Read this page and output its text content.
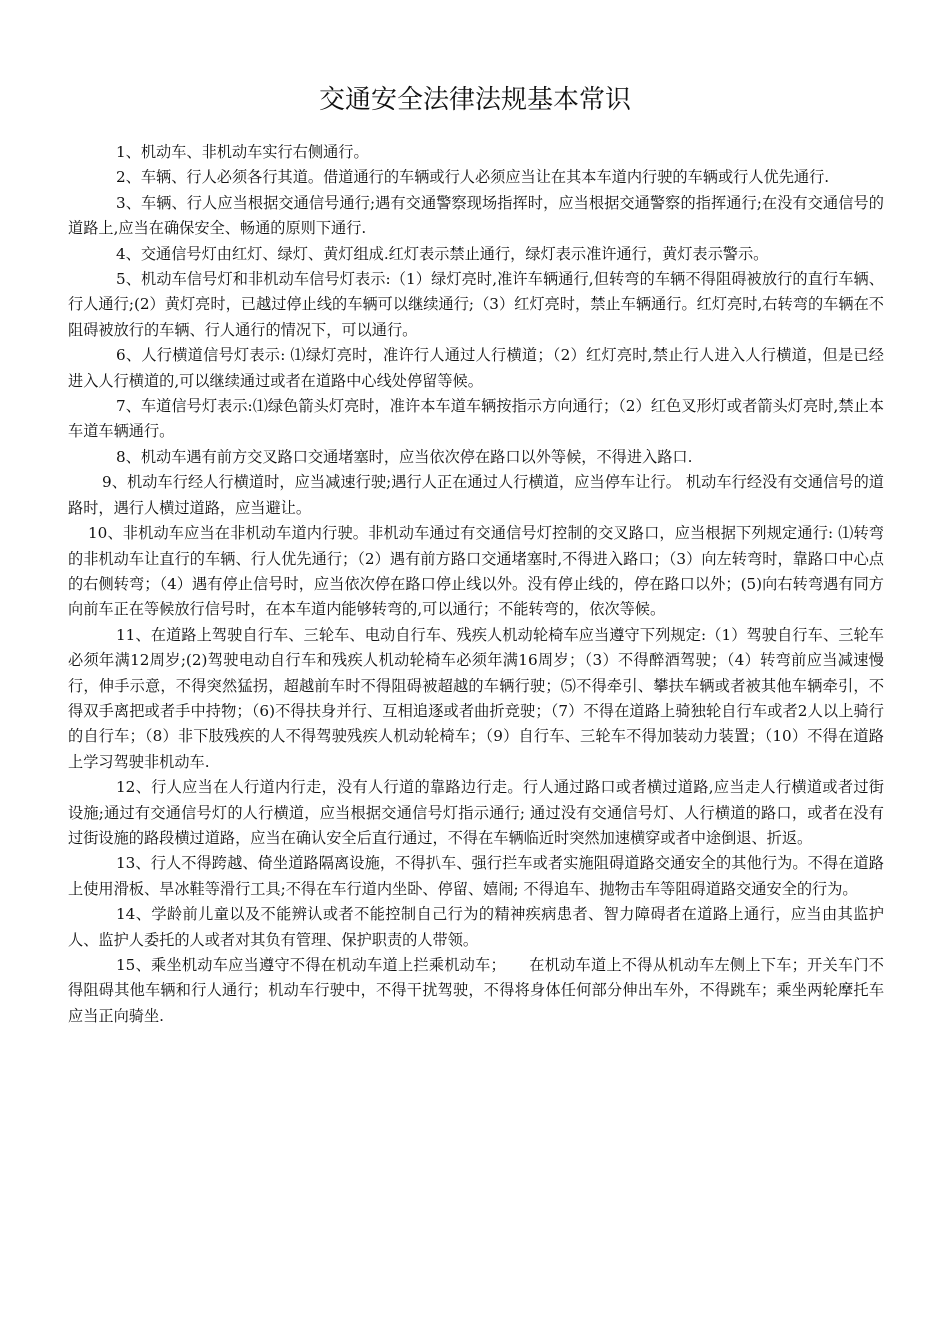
交通安全法律法规基本常识

1、机动车、非机动车实行右侧通行。

2、车辆、行人必须各行其道。借道通行的车辆或行人必须应当让在其本车道内行驶的车辆或行人优先通行.

3、车辆、行人应当根据交通信号通行;遇有交通警察现场指挥时，应当根据交通警察的指挥通行;在没有交通信号的道路上,应当在确保安全、畅通的原则下通行.

4、交通信号灯由红灯、绿灯、黄灯组成.红灯表示禁止通行，绿灯表示准许通行，黄灯表示警示。

5、机动车信号灯和非机动车信号灯表示:（1）绿灯亮时,准许车辆通行,但转弯的车辆不得阻碍被放行的直行车辆、行人通行;(2）黄灯亮时，已越过停止线的车辆可以继续通行;（3）红灯亮时，禁止车辆通行。红灯亮时,右转弯的车辆在不阻碍被放行的车辆、行人通行的情况下，可以通行。

6、人行横道信号灯表示: ⑴绿灯亮时，准许行人通过人行横道；（2）红灯亮时,禁止行人进入人行横道，但是已经进入人行横道的,可以继续通过或者在道路中心线处停留等候。

7、车道信号灯表示:⑴绿色箭头灯亮时，准许本车道车辆按指示方向通行；（2）红色叉形灯或者箭头灯亮时,禁止本车道车辆通行。

8、机动车遇有前方交叉路口交通堵塞时，应当依次停在路口以外等候，不得进入路口.

9、机动车行经人行横道时，应当减速行驶;遇行人正在通过人行横道，应当停车让行。 机动车行经没有交通信号的道路时，遇行人横过道路，应当避让。

10、非机动车应当在非机动车道内行驶。非机动车通过有交通信号灯控制的交叉路口，应当根据下列规定通行: ⑴转弯的非机动车让直行的车辆、行人优先通行；（2）遇有前方路口交通堵塞时,不得进入路口；（3）向左转弯时，靠路口中心点的右侧转弯；（4）遇有停止信号时，应当依次停在路口停止线以外。没有停止线的，停在路口以外；(5)向右转弯遇有同方向前车正在等候放行信号时，在本车道内能够转弯的,可以通行；不能转弯的，依次等候。

11、在道路上驾驶自行车、三轮车、电动自行车、残疾人机动轮椅车应当遵守下列规定:（1）驾驶自行车、三轮车必须年满12周岁;(2)驾驶电动自行车和残疾人机动轮椅车必须年满16周岁；（3）不得醉酒驾驶；（4）转弯前应当减速慢行，伸手示意，不得突然猛拐，超越前车时不得阻碍被超越的车辆行驶；⑸不得牵引、攀扶车辆或者被其他车辆牵引，不得双手离把或者手中持物；（6)不得扶身并行、互相追逐或者曲折竞驶；（7）不得在道路上骑独轮自行车或者2人以上骑行的自行车；（8）非下肢残疾的人不得驾驶残疾人机动轮椅车；（9）自行车、三轮车不得加装动力装置；（10）不得在道路上学习驾驶非机动车.

12、行人应当在人行道内行走，没有人行道的靠路边行走。行人通过路口或者横过道路,应当走人行横道或者过街设施;通过有交通信号灯的人行横道，应当根据交通信号灯指示通行; 通过没有交通信号灯、人行横道的路口，或者在没有过街设施的路段横过道路，应当在确认安全后直行通过，不得在车辆临近时突然加速横穿或者中途倒退、折返。

13、行人不得跨越、倚坐道路隔离设施，不得扒车、强行拦车或者实施阻碍道路交通安全的其他行为。不得在道路上使用滑板、旱冰鞋等滑行工具;不得在车行道内坐卧、停留、嬉闹; 不得追车、抛物击车等阻碍道路交通安全的行为。

14、学龄前儿童以及不能辨认或者不能控制自己行为的精神疾病患者、智力障碍者在道路上通行，应当由其监护人、监护人委托的人或者对其负有管理、保护职责的人带领。

15、乘坐机动车应当遵守不得在机动车道上拦乘机动车；　　在机动车道上不得从机动车左侧上下车；开关车门不得阻碍其他车辆和行人通行；机动车行驶中，不得干扰驾驶，不得将身体任何部分伸出车外，不得跳车；乘坐两轮摩托车应当正向骑坐.
